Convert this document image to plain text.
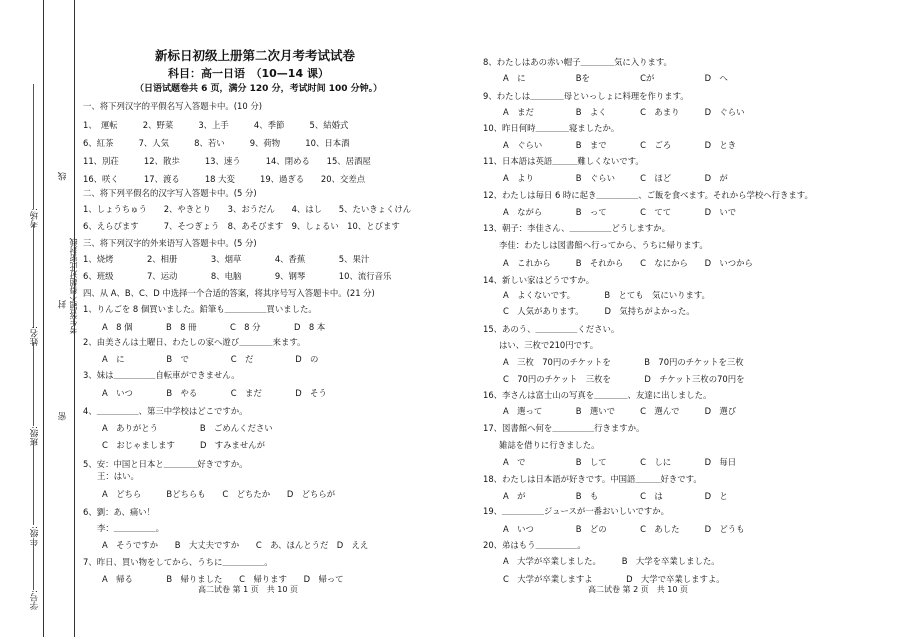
考场:
姓名:
班级:
年级:
学号:
线
封
密
考生答题不得超过此密封线
新标日初级上册第二次月考考试试卷
科目：高一日语　（10—14 课）
（日语试题卷共 6 页，满分 120 分，考试时间 100 分钟。）
一、将下列汉字的平假名写入答题卡中。(10 分)
1、　運転　　　2、野菜　　　3、上手　　　4、季節　　　5、結婚式
6、紅茶　　　7、人気　　　8、若い　　　9、荷物　　　10、日本酒
11、別荘　　　12、散歩　　　13、速う　　　14、閉める　　15、居酒屋
16、咲く　　　17、渡る　　　18 大変　　　19、過ぎる　　20、交差点
二、将下列平假名的汉字写入答题卡中。(5 分)
1、しょうちゅう　　2、やきとり　　3、おうだん　　4、はし　　5、たいきょくけん
6、えらびます　　　7、そつぎょう　8、あそびます　9、しょるい　10、とびます
三、将下列汉字的外来语写入答题卡中。(5 分)
1、烧烤　　　　2、相册　　　　3、烟草　　　　4、香蕉　　　　5、果汁
6、班级　　　　7、运动　　　　8、电脑　　　　9、钢琴　　　　10、流行音乐
四、从 A、B、C、D 中选择一个合适的答案，将其序号写入答题卡中。(21 分)
1、りんごを 8 個買いました。鉛筆も＿＿＿＿＿買いました。
A　8 個　　　　B　8 冊　　　　C　8 分　　　　D　8 本
2、由美さんは土曜日、わたしの家へ遊び＿＿＿＿来ます。
A　に　　　　　B　で　　　　　C　だ　　　　　D　の
3、妹は＿＿＿＿＿自転車ができません。
A　いつ　　　　B　やる　　　　C　まだ　　　　D　そう
4、＿＿＿＿＿、第三中学校はどこですか。
A　ありがとう　　　　　B　ごめんください
C　おじゃまします　　　D　すみませんが
5、安：中国と日本と＿＿＿＿好きですか。
王：はい。
A　どちら　　　Bどちらも　　C　どちたか　　D　どちらが
6、劉：あ、痛い！
李：＿＿＿＿＿。
A　そうですか　　B　大丈夫ですか　　C　あ、ほんとうだ　D　ええ
7、昨日、買い物をしてから、うちに＿＿＿＿＿。
A　帰る　　　　B　帰りました　　C　帰ります　　D　帰って
8、わたしはあの赤い帽子＿＿＿＿気に入ります。
A　に　　　　　　Bを　　　　　　Cが　　　　　　D　へ
9、わたしは＿＿＿＿母といっしょに料理を作ります。
A　まだ　　　　　B　よく　　　　C　あまり　　　D　ぐらい
10、昨日何時＿＿＿＿寝ましたか。
A　ぐらい　　　　B　まで　　　　C　ごろ　　　　D　とき
11、日本語は英語＿＿＿難しくないです。
A　より　　　　　B　ぐらい　　　C　ほど　　　　D　が
12、わたしは毎日 6 時に起き＿＿＿＿＿、ご飯を食べます。それから学校へ行きます。
A　ながら　　　　B　って　　　　C　てて　　　　D　いで
13、朝子：李佳さん、＿＿＿＿＿どうしますか。
李佳：わたしは図書館へ行ってから、うちに帰ります。
A　これから　　　B　それから　　C　なにから　　D　いつから
14、新しい家はどうですか。
A　よくないです。　　　　B　とても　気にいります。
C　人気があります。　　　D　気持ちがよかった。
15、あのう、＿＿＿＿＿ください。
はい、三枚で210円です。
A　三枚　70円のチケットを　　　　B　70円のチケットを三枚
C　70円のチケット　三枚を　　　　D　チケット三枚の70円を
16、李さんは富士山の写真を＿＿＿＿、友達に出しました。
A　選って　　　　B　選いで　　　C　選んで　　　D　選び
17、図書館へ何を＿＿＿＿＿行きますか。
雑誌を借りに行きました。
A　で　　　　　　B　して　　　　C　しに　　　　D　每日
18、わたしは日本語が好きです。中国語＿＿＿好きです。
A　が　　　　　　B　も　　　　　C　は　　　　　D　と
19、＿＿＿＿＿ジュースが一番おいしいですか。
A　いつ　　　　　B　どの　　　　C　あした　　　D　どうも
20、弟はもう＿＿＿＿＿。
A　大学が卒業しました。　　　B　大学を卒業しました。
C　大学が卒業しますよ　　　　D　大学で卒業しますよ。
高二试卷 第 1 页　共 10 页	高二试卷 第 2 页　共 10 页
